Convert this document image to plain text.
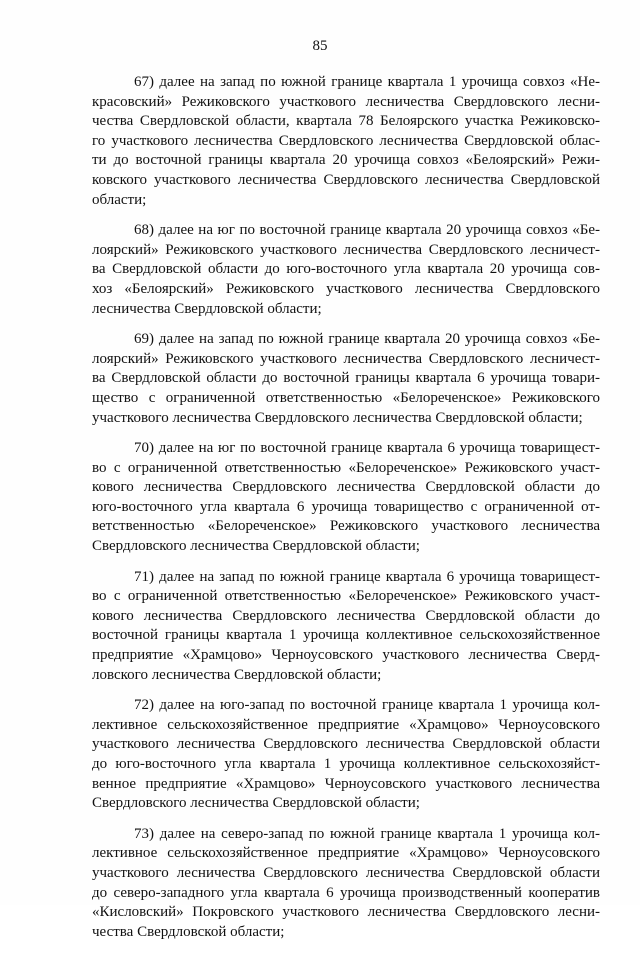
85
67) далее на запад по южной границе квартала 1 урочища совхоз «Не-
красовский» Режиковского участкового лесничества Свердловского лесни-
чества Свердловской области, квартала 78 Белоярского участка Режиковско-
го участкового лесничества Свердловского лесничества Свердловской облас-
ти до восточной границы квартала 20 урочища совхоз «Белоярский» Режи-
ковского участкового лесничества Свердловского лесничества Свердловской
области;
68) далее на юг по восточной границе квартала 20 урочища совхоз «Бе-
лоярский» Режиковского участкового лесничества Свердловского лесничест-
ва Свердловской области до юго-восточного угла квартала 20 урочища сов-
хоз «Белоярский» Режиковского участкового лесничества Свердловского
лесничества Свердловской области;
69) далее на запад по южной границе квартала 20 урочища совхоз «Бе-
лоярский» Режиковского участкового лесничества Свердловского лесничест-
ва Свердловской области до восточной границы квартала 6 урочища товари-
щество с ограниченной ответственностью «Белореченское» Режиковского
участкового лесничества Свердловского лесничества Свердловской области;
70) далее на юг по восточной границе квартала 6 урочища товарищест-
во с ограниченной ответственностью «Белореченское» Режиковского участ-
кового лесничества Свердловского лесничества Свердловской области до
юго-восточного угла квартала 6 урочища товарищество с ограниченной от-
ветственностью «Белореченское» Режиковского участкового лесничества
Свердловского лесничества Свердловской области;
71) далее на запад по южной границе квартала 6 урочища товарищест-
во с ограниченной ответственностью «Белореченское» Режиковского участ-
кового лесничества Свердловского лесничества Свердловской области до
восточной границы квартала 1 урочища коллективное сельскохозяйственное
предприятие «Храмцово» Черноусовского участкового лесничества Сверд-
ловского лесничества Свердловской области;
72) далее на юго-запад по восточной границе квартала 1 урочища кол-
лективное сельскохозяйственное предприятие «Храмцово» Черноусовского
участкового лесничества Свердловского лесничества Свердловской области
до юго-восточного угла квартала 1 урочища коллективное сельскохозяйст-
венное предприятие «Храмцово» Черноусовского участкового лесничества
Свердловского лесничества Свердловской области;
73) далее на северо-запад по южной границе квартала 1 урочища кол-
лективное сельскохозяйственное предприятие «Храмцово» Черноусовского
участкового лесничества Свердловского лесничества Свердловской области
до северо-западного угла квартала 6 урочища производственный кооператив
«Кисловский» Покровского участкового лесничества Свердловского лесни-
чества Свердловской области;
